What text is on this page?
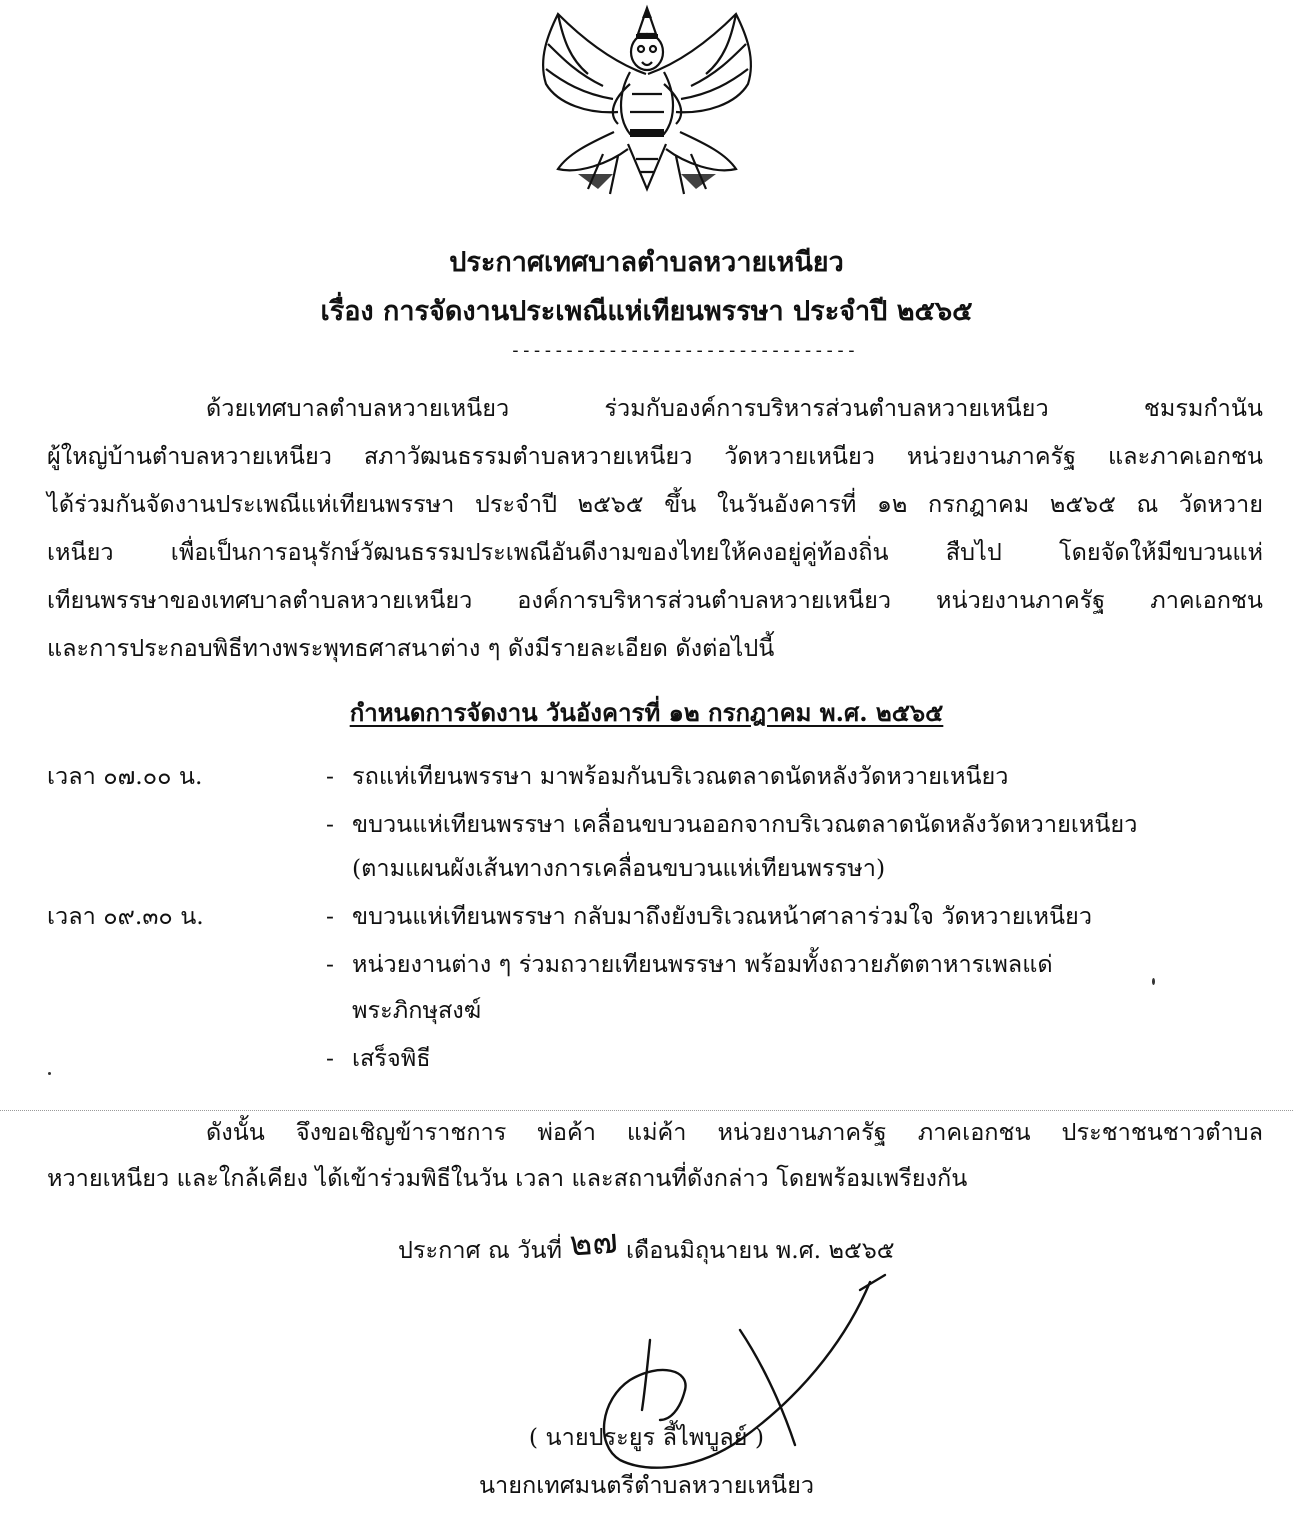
ประกาศเทศบาลตำบลหวายเหนียว
เรื่อง การจัดงานประเพณีแห่เทียนพรรษา ประจำปี ๒๕๖๕
--------------------------------
ด้วยเทศบาลตำบลหวายเหนียว ร่วมกับองค์การบริหารส่วนตำบลหวายเหนียว ชมรมกำนัน
ผู้ใหญ่บ้านตำบลหวายเหนียว สภาวัฒนธรรมตำบลหวายเหนียว วัดหวายเหนียว หน่วยงานภาครัฐ และภาคเอกชน
ได้ร่วมกันจัดงานประเพณีแห่เทียนพรรษา ประจำปี ๒๕๖๕ ขึ้น ในวันอังคารที่ ๑๒ กรกฎาคม ๒๕๖๕ ณ วัดหวาย
เหนียว เพื่อเป็นการอนุรักษ์วัฒนธรรมประเพณีอันดีงามของไทยให้คงอยู่คู่ท้องถิ่น สืบไป โดยจัดให้มีขบวนแห่
เทียนพรรษาของเทศบาลตำบลหวายเหนียว องค์การบริหารส่วนตำบลหวายเหนียว หน่วยงานภาครัฐ ภาคเอกชน
และการประกอบพิธีทางพระพุทธศาสนาต่าง ๆ ดังมีรายละเอียด ดังต่อไปนี้
กำหนดการจัดงาน วันอังคารที่ ๑๒ กรกฎาคม พ.ศ. ๒๕๖๕
เวลา ๐๗.๐๐ น.	- รถแห่เทียนพรรษา มาพร้อมกันบริเวณตลาดนัดหลังวัดหวายเหนียว
- ขบวนแห่เทียนพรรษา เคลื่อนขบวนออกจากบริเวณตลาดนัดหลังวัดหวายเหนียว
(ตามแผนผังเส้นทางการเคลื่อนขบวนแห่เทียนพรรษา)
เวลา ๐๙.๓๐ น.	- ขบวนแห่เทียนพรรษา กลับมาถึงยังบริเวณหน้าศาลาร่วมใจ วัดหวายเหนียว
- หน่วยงานต่าง ๆ ร่วมถวายเทียนพรรษา พร้อมทั้งถวายภัตตาหารเพลแด่
พระภิกษุสงฆ์
- เสร็จพิธี
ดังนั้น จึงขอเชิญข้าราชการ พ่อค้า แม่ค้า หน่วยงานภาครัฐ ภาคเอกชน ประชาชนชาวตำบล
หวายเหนียว และใกล้เคียง ได้เข้าร่วมพิธีในวัน เวลา และสถานที่ดังกล่าว โดยพร้อมเพรียงกัน
ประกาศ ณ วันที่ ๒๗ เดือนมิถุนายน พ.ศ. ๒๕๖๕
( นายประยูร ลี้ไพบูลย์ )
นายกเทศมนตรีตำบลหวายเหนียว
